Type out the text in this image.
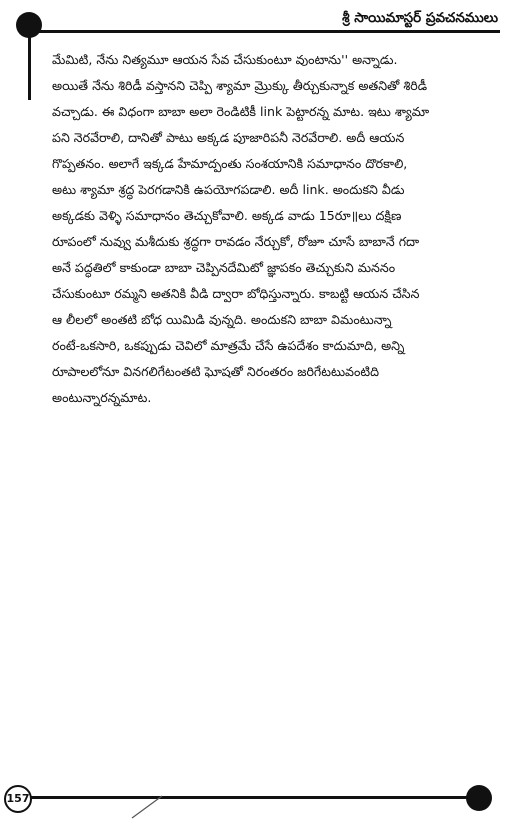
శ్రీ సాయిమాస్టర్ ప్రవచనములు

మేమిటి, నేను నిత్యమూ ఆయన సేవ చేసుకుంటూ వుంటాను'' అన్నాడు.
అయితే నేను శిరిడీ వస్తానని చెప్పి శ్యామా మ్రొక్కు తీర్చుకున్నాక అతనితో శిరిడీ
వచ్చాడు. ఈ విధంగా బాబా అలా రెండిటికీ link పెట్టారన్న మాట. ఇటు శ్యామా
పని నెరవేరాలి, దానితో పాటు అక్కడ పూజారిపనీ నెరవేరాలి. అదీ ఆయన
గొప్పతనం. అలాగే ఇక్కడ హేమాద్పంతు సంశయానికి సమాధానం దొరకాలి,
అటు శ్యామా శ్రద్ధ పెరగడానికి ఉపయోగపడాలి. అదీ link. అందుకని వీడు
అక్కడకు వెళ్ళి సమాధానం తెచ్చుకోవాలి. అక్కడ వాడు 15రూ॥లు దక్షిణ
రూపంలో నువ్వు మశీదుకు శ్రద్ధగా రావడం నేర్చుకో, రోజూ చూసే బాబానే గదా
అనే పద్ధతిలో కాకుండా బాబా చెప్పినదేమిటో జ్ఞాపకం తెచ్చుకుని మననం
చేసుకుంటూ రమ్మని అతనికి వీడి ద్వారా బోధిస్తున్నారు. కాబట్టి ఆయన చేసిన
ఆ లీలలో అంతటి బోధ యిమిడి వున్నది. అందుకని బాబా విమంటున్నా
రంటే-ఒకసారి, ఒకప్పుడు చెవిలో మాత్రమే చేసే ఉపదేశం కాదుమాది, అన్ని
రూపాలలోనూ వినగలిగేటంతటి ఘోషతో నిరంతరం జరిగేటటువంటిది
అంటున్నారన్నమాట.

157
